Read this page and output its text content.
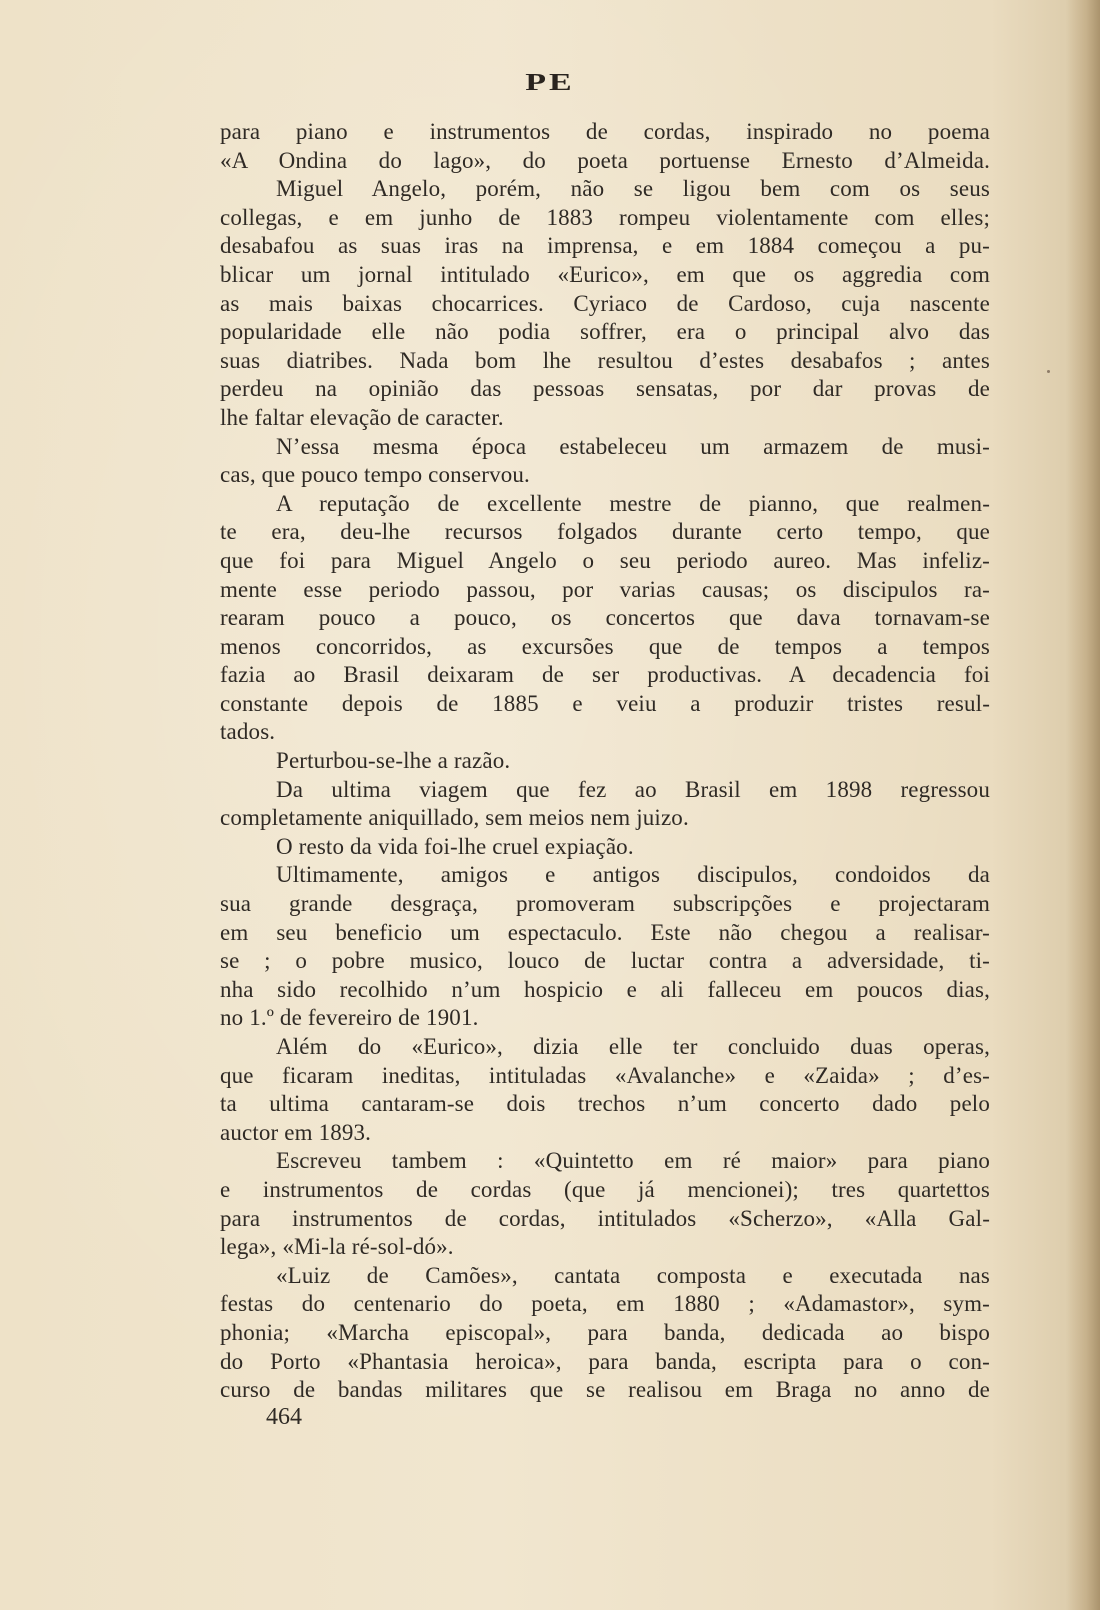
PE
para piano e instrumentos de cordas, inspirado no poema
«A Ondina do lago», do poeta portuense Ernesto d’Almeida.
Miguel Angelo, porém, não se ligou bem com os seus
collegas, e em junho de 1883 rompeu violentamente com elles;
desabafou as suas iras na imprensa, e em 1884 começou a pu-
blicar um jornal intitulado «Eurico», em que os aggredia com
as mais baixas chocarrices. Cyriaco de Cardoso, cuja nascente
popularidade elle não podia soffrer, era o principal alvo das
suas diatribes. Nada bom lhe resultou d’estes desabafos ; antes
perdeu na opinião das pessoas sensatas, por dar provas de
lhe faltar elevação de caracter.
N’essa mesma época estabeleceu um armazem de musi-
cas, que pouco tempo conservou.
A reputação de excellente mestre de pianno, que realmen-
te era, deu-lhe recursos folgados durante certo tempo, que
que foi para Miguel Angelo o seu periodo aureo. Mas infeliz-
mente esse periodo passou, por varias causas; os discipulos ra-
rearam pouco a pouco, os concertos que dava tornavam-se
menos concorridos, as excursões que de tempos a tempos
fazia ao Brasil deixaram de ser productivas. A decadencia foi
constante depois de 1885 e veiu a produzir tristes resul-
tados.
Perturbou-se-lhe a razão.
Da ultima viagem que fez ao Brasil em 1898 regressou
completamente aniquillado, sem meios nem juizo.
O resto da vida foi-lhe cruel expiação.
Ultimamente, amigos e antigos discipulos, condoidos da
sua grande desgraça, promoveram subscripções e projectaram
em seu beneficio um espectaculo. Este não chegou a realisar-
se ; o pobre musico, louco de luctar contra a adversidade, ti-
nha sido recolhido n’um hospicio e ali falleceu em poucos dias,
no 1.º de fevereiro de 1901.
Além do «Eurico», dizia elle ter concluido duas operas,
que ficaram ineditas, intituladas «Avalanche» e «Zaida» ; d’es-
ta ultima cantaram-se dois trechos n’um concerto dado pelo
auctor em 1893.
Escreveu tambem : «Quintetto em ré maior» para piano
e instrumentos de cordas (que já mencionei); tres quartettos
para instrumentos de cordas, intitulados «Scherzo», «Alla Gal-
lega», «Mi-la ré-sol-dó».
«Luiz de Camões», cantata composta e executada nas
festas do centenario do poeta, em 1880 ; «Adamastor», sym-
phonia; «Marcha episcopal», para banda, dedicada ao bispo
do Porto «Phantasia heroica», para banda, escripta para o con-
curso de bandas militares que se realisou em Braga no anno de
464
